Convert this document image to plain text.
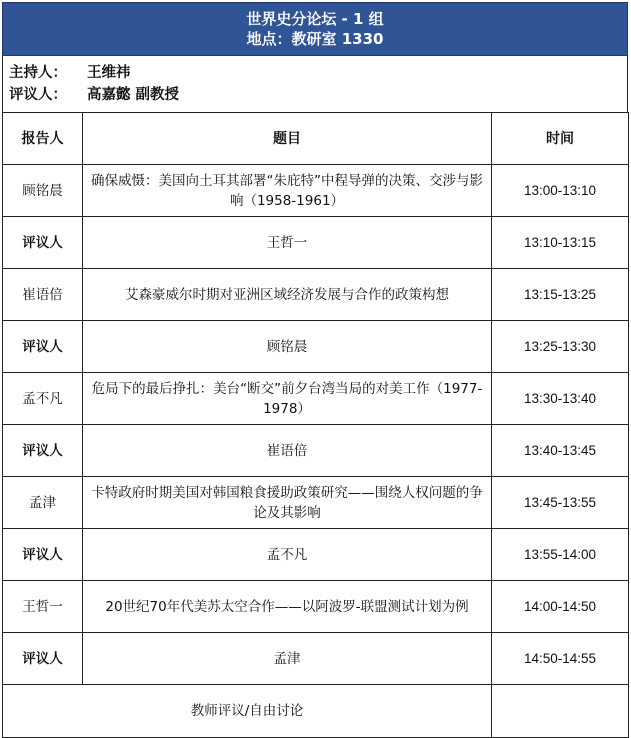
世界史分论坛 - 1 组
地点：教研室 1330
主持人： 王维祎
评议人： 高嘉懿 副教授
报告人	题目	时间
顾铭晨	确保威慑：美国向土耳其部署“朱庇特”中程导弹的决策、交涉与影响（1958-1961）	13:00-13:10
评议人	王哲一	13:10-13:15
崔语倍	艾森豪威尔时期对亚洲区域经济发展与合作的政策构想	13:15-13:25
评议人	顾铭晨	13:25-13:30
孟不凡	危局下的最后挣扎：美台“断交”前夕台湾当局的对美工作（1977-1978）	13:30-13:40
评议人	崔语倍	13:40-13:45
孟津	卡特政府时期美国对韩国粮食援助政策研究——围绕人权问题的争论及其影响	13:45-13:55
评议人	孟不凡	13:55-14:00
王哲一	20世纪70年代美苏太空合作——以阿波罗-联盟测试计划为例	14:00-14:50
评议人	孟津	14:50-14:55
教师评议/自由讨论		
